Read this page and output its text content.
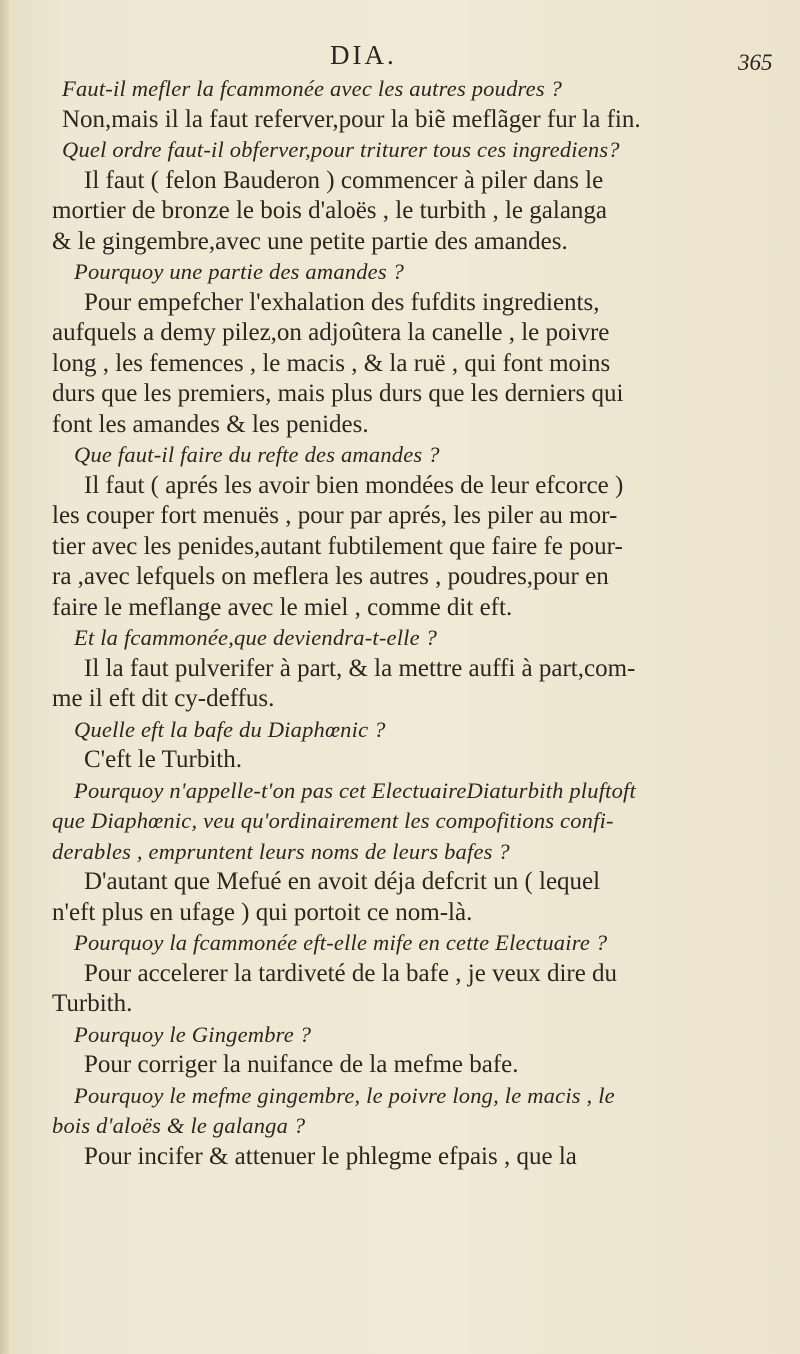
DIA.	365
Faut-il mefler la fcammonée avec les autres poudres ?
Non,mais il la faut referver,pour la biẽ meflãger fur la fin.
Quel ordre faut-il obferver,pour triturer tous ces ingrediens?
Il faut ( felon Bauderon ) commencer à piler dans le
mortier de bronze le bois d'aloës , le turbith , le galanga
& le gingembre,avec une petite partie des amandes.
Pourquoy une partie des amandes ?
Pour empefcher l'exhalation des fufdits ingredients,
aufquels a demy pilez,on adjoûtera la canelle , le poivre
long , les femences , le macis , & la ruë , qui font moins
durs que les premiers, mais plus durs que les derniers qui
font les amandes & les penides.
Que faut-il faire du refte des amandes ?
Il faut ( aprés les avoir bien mondées de leur efcorce )
les couper fort menuës , pour par aprés, les piler au mor-
tier avec les penides,autant fubtilement que faire fe pour-
ra ,avec lefquels on meflera les autres , poudres,pour en
faire le meflange avec le miel , comme dit eft.
Et la fcammonée,que deviendra-t-elle ?
Il la faut pulverifer à part, & la mettre auffi à part,com-
me il eft dit cy-deffus.
Quelle eft la bafe du Diaphœnic ?
C'eft le Turbith.
Pourquoy n'appelle-t'on pas cet ElectuaireDiaturbith pluftoft
que Diaphœnic, veu qu'ordinairement les compofitions confi-
derables , empruntent leurs noms de leurs bafes ?
D'autant que Mefué en avoit déja defcrit un ( lequel
n'eft plus en ufage ) qui portoit ce nom-là.
Pourquoy la fcammonée eft-elle mife en cette Electuaire ?
Pour accelerer la tardiveté de la bafe , je veux dire du
Turbith.
Pourquoy le Gingembre ?
Pour corriger la nuifance de la mefme bafe.
Pourquoy le mefme gingembre, le poivre long, le macis , le
bois d'aloës & le galanga ?
Pour incifer & attenuer le phlegme efpais , que la
